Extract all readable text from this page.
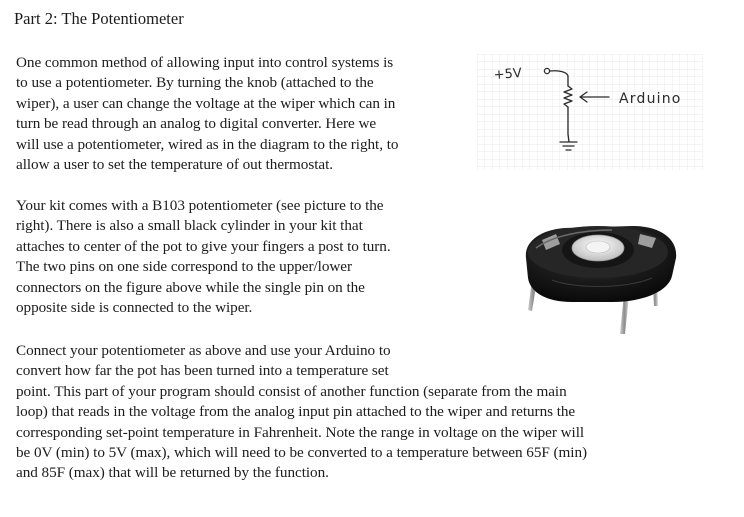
Part 2: The Potentiometer

One common method of allowing input into control systems is
to use a potentiometer. By turning the knob (attached to the
wiper), a user can change the voltage at the wiper which can in
turn be read through an analog to digital converter. Here we
will use a potentiometer, wired as in the diagram to the right, to
allow a user to set the temperature of out thermostat.

Your kit comes with a B103 potentiometer (see picture to the
right). There is also a small black cylinder in your kit that
attaches to center of the pot to give your fingers a post to turn.
The two pins on one side correspond to the upper/lower
connectors on the figure above while the single pin on the
opposite side is connected to the wiper.

Connect your potentiometer as above and use your Arduino to
convert how far the pot has been turned into a temperature set
point. This part of your program should consist of another function (separate from the main
loop) that reads in the voltage from the analog input pin attached to the wiper and returns the
corresponding set-point temperature in Fahrenheit. Note the range in voltage on the wiper will
be 0V (min) to 5V (max), which will need to be converted to a temperature between 65F (min)
and 85F (max) that will be returned by the function.

+5V
Arduino
